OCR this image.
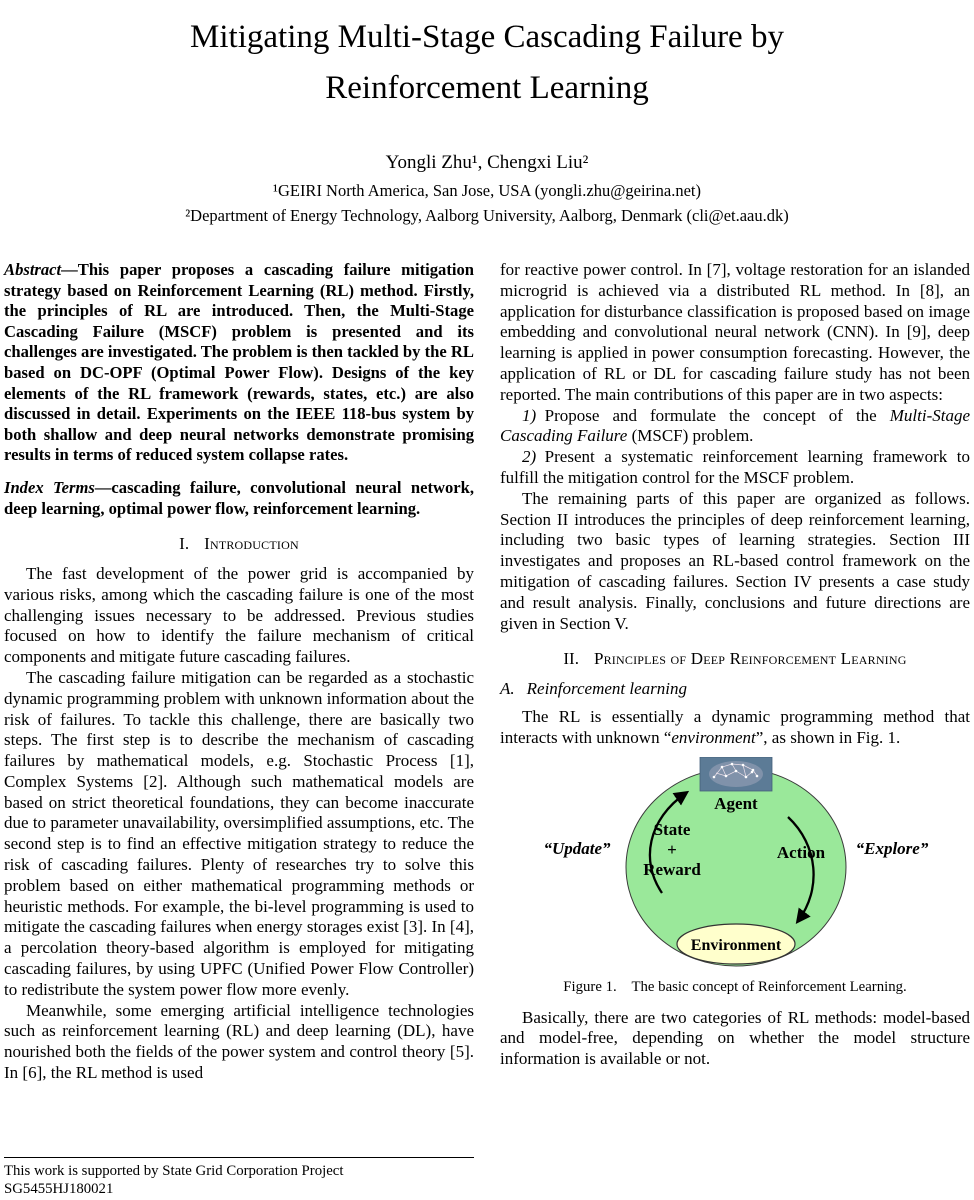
Mitigating Multi-Stage Cascading Failure by
Reinforcement Learning
Yongli Zhu¹, Chengxi Liu²
¹GEIRI North America, San Jose, USA (yongli.zhu@geirina.net)
²Department of Energy Technology, Aalborg University, Aalborg, Denmark (cli@et.aau.dk)

Abstract—This paper proposes a cascading failure mitigation strategy based on Reinforcement Learning (RL) method. Firstly, the principles of RL are introduced. Then, the Multi-Stage Cascading Failure (MSCF) problem is presented and its challenges are investigated. The problem is then tackled by the RL based on DC-OPF (Optimal Power Flow). Designs of the key elements of the RL framework (rewards, states, etc.) are also discussed in detail. Experiments on the IEEE 118-bus system by both shallow and deep neural networks demonstrate promising results in terms of reduced system collapse rates.

Index Terms—cascading failure, convolutional neural network, deep learning, optimal power flow, reinforcement learning.

I. Introduction

The fast development of the power grid is accompanied by various risks, among which the cascading failure is one of the most challenging issues necessary to be addressed. Previous studies focused on how to identify the failure mechanism of critical components and mitigate future cascading failures.

The cascading failure mitigation can be regarded as a stochastic dynamic programming problem with unknown information about the risk of failures. To tackle this challenge, there are basically two steps. The first step is to describe the mechanism of cascading failures by mathematical models, e.g. Stochastic Process [1], Complex Systems [2]. Although such mathematical models are based on strict theoretical foundations, they can become inaccurate due to parameter unavailability, oversimplified assumptions, etc. The second step is to find an effective mitigation strategy to reduce the risk of cascading failures. Plenty of researches try to solve this problem based on either mathematical programming methods or heuristic methods. For example, the bi-level programming is used to mitigate the cascading failures when energy storages exist [3]. In [4], a percolation theory-based algorithm is employed for mitigating cascading failures, by using UPFC (Unified Power Flow Controller) to redistribute the system power flow more evenly.

Meanwhile, some emerging artificial intelligence technologies such as reinforcement learning (RL) and deep learning (DL), have nourished both the fields of the power system and control theory [5]. In [6], the RL method is used

This work is supported by State Grid Corporation Project
SG5455HJ180021

for reactive power control. In [7], voltage restoration for an islanded microgrid is achieved via a distributed RL method. In [8], an application for disturbance classification is proposed based on image embedding and convolutional neural network (CNN). In [9], deep learning is applied in power consumption forecasting. However, the application of RL or DL for cascading failure study has not been reported. The main contributions of this paper are in two aspects:

1) Propose and formulate the concept of the Multi-Stage Cascading Failure (MSCF) problem.

2) Present a systematic reinforcement learning framework to fulfill the mitigation control for the MSCF problem.

The remaining parts of this paper are organized as follows. Section II introduces the principles of deep reinforcement learning, including two basic types of learning strategies. Section III investigates and proposes an RL-based control framework on the mitigation of cascading failures. Section IV presents a case study and result analysis. Finally, conclusions and future directions are given in Section V.

II. Principles of Deep Reinforcement Learning
A. Reinforcement learning

The RL is essentially a dynamic programming method that interacts with unknown “environment”, as shown in Fig. 1.

Agent
State
+
Reward
Action
“Update”	“Explore”
Environment
Figure 1.  The basic concept of Reinforcement Learning.

Basically, there are two categories of RL methods: model-based and model-free, depending on whether the model structure information is available or not.
